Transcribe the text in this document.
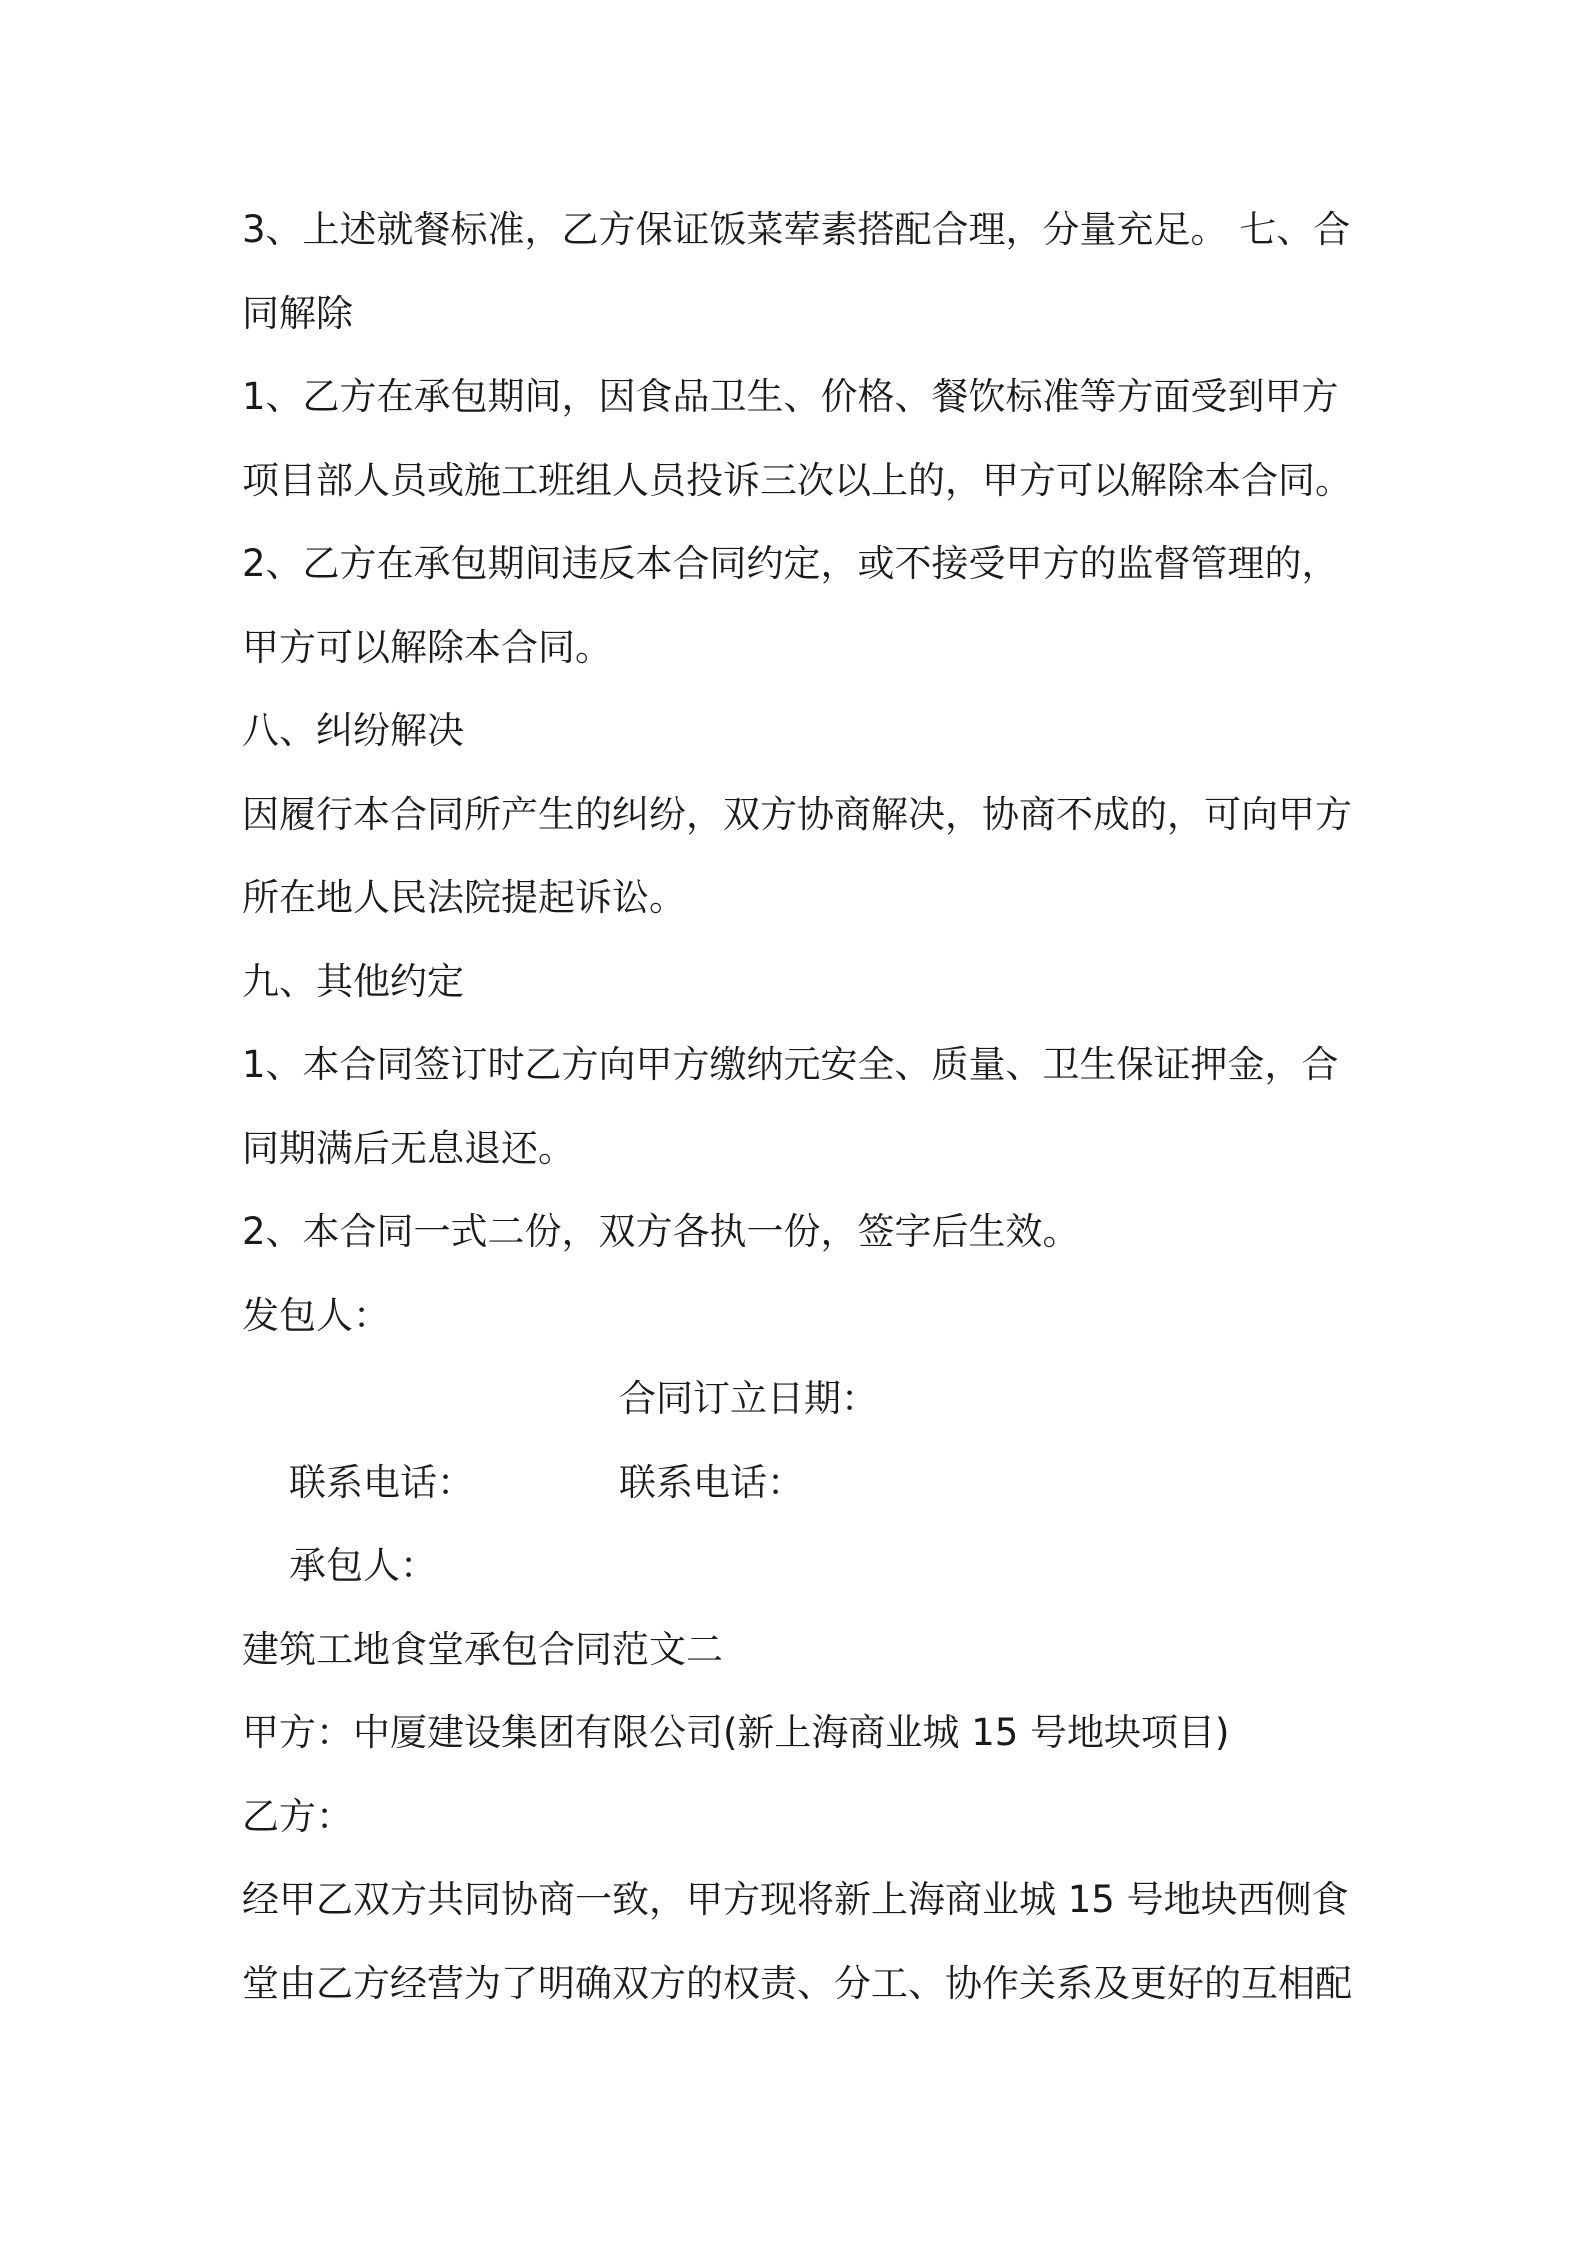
3、上述就餐标准，乙方保证饭菜荤素搭配合理，分量充足。 七、合
同解除
1、乙方在承包期间，因食品卫生、价格、餐饮标准等方面受到甲方
项目部人员或施工班组人员投诉三次以上的，甲方可以解除本合同。
2、乙方在承包期间违反本合同约定，或不接受甲方的监督管理的，
甲方可以解除本合同。
八、纠纷解决
因履行本合同所产生的纠纷，双方协商解决，协商不成的，可向甲方
所在地人民法院提起诉讼。
九、其他约定
1、本合同签订时乙方向甲方缴纳元安全、质量、卫生保证押金，合
同期满后无息退还。
2、本合同一式二份，双方各执一份，签字后生效。
发包人：

联系电话：

合同订立日期：

承包人：

联系电话：

建筑工地食堂承包合同范文二
甲方：中厦建设集团有限公司(新上海商业城 15 号地块项目)
乙方：
经甲乙双方共同协商一致，甲方现将新上海商业城 15 号地块西侧食
堂由乙方经营为了明确双方的权责、分工、协作关系及更好的互相配
